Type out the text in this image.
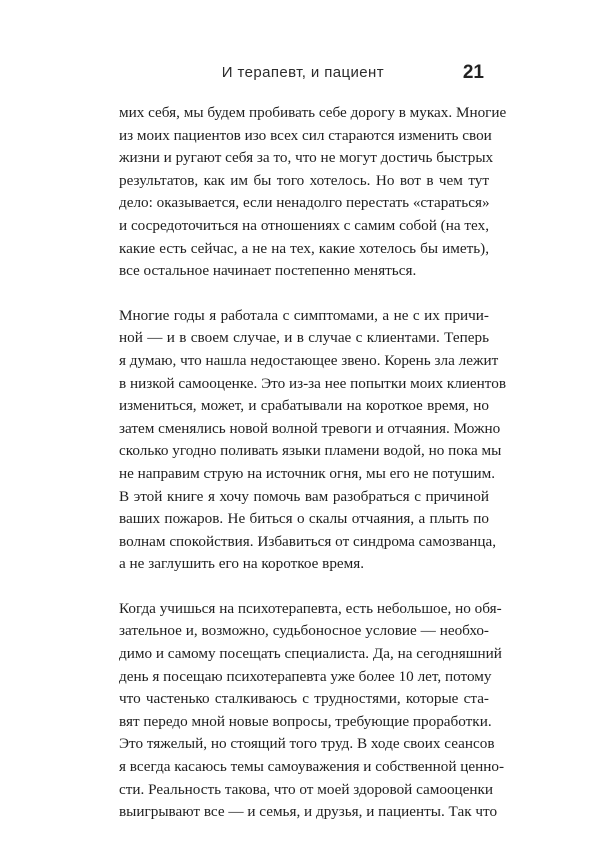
И терапевт, и пациент	21
мих себя, мы будем пробивать себе дорогу в муках. Многие
из моих пациентов изо всех сил стараются изменить свои
жизни и ругают себя за то, что не могут достичь быстрых
результатов, как им бы того хотелось. Но вот в чем тут
дело: оказывается, если ненадолго перестать «стараться»
и сосредоточиться на отношениях с самим собой (на тех,
какие есть сейчас, а не на тех, какие хотелось бы иметь),
все остальное начинает постепенно меняться.
Многие годы я работала с симптомами, а не с их причи-
ной — и в своем случае, и в случае с клиентами. Теперь
я думаю, что нашла недостающее звено. Корень зла лежит
в низкой самооценке. Это из-за нее попытки моих клиентов
измениться, может, и срабатывали на короткое время, но
затем сменялись новой волной тревоги и отчаяния. Можно
сколько угодно поливать языки пламени водой, но пока мы
не направим струю на источник огня, мы его не потушим.
В этой книге я хочу помочь вам разобраться с причиной
ваших пожаров. Не биться о скалы отчаяния, а плыть по
волнам спокойствия. Избавиться от синдрома самозванца,
а не заглушить его на короткое время.
Когда учишься на психотерапевта, есть небольшое, но обя-
зательное и, возможно, судьбоносное условие — необхо-
димо и самому посещать специалиста. Да, на сегодняшний
день я посещаю психотерапевта уже более 10 лет, потому
что частенько сталкиваюсь с трудностями, которые ста-
вят передо мной новые вопросы, требующие проработки.
Это тяжелый, но стоящий того труд. В ходе своих сеансов
я всегда касаюсь темы самоуважения и собственной ценно-
сти. Реальность такова, что от моей здоровой самооценки
выигрывают все — и семья, и друзья, и пациенты. Так что
